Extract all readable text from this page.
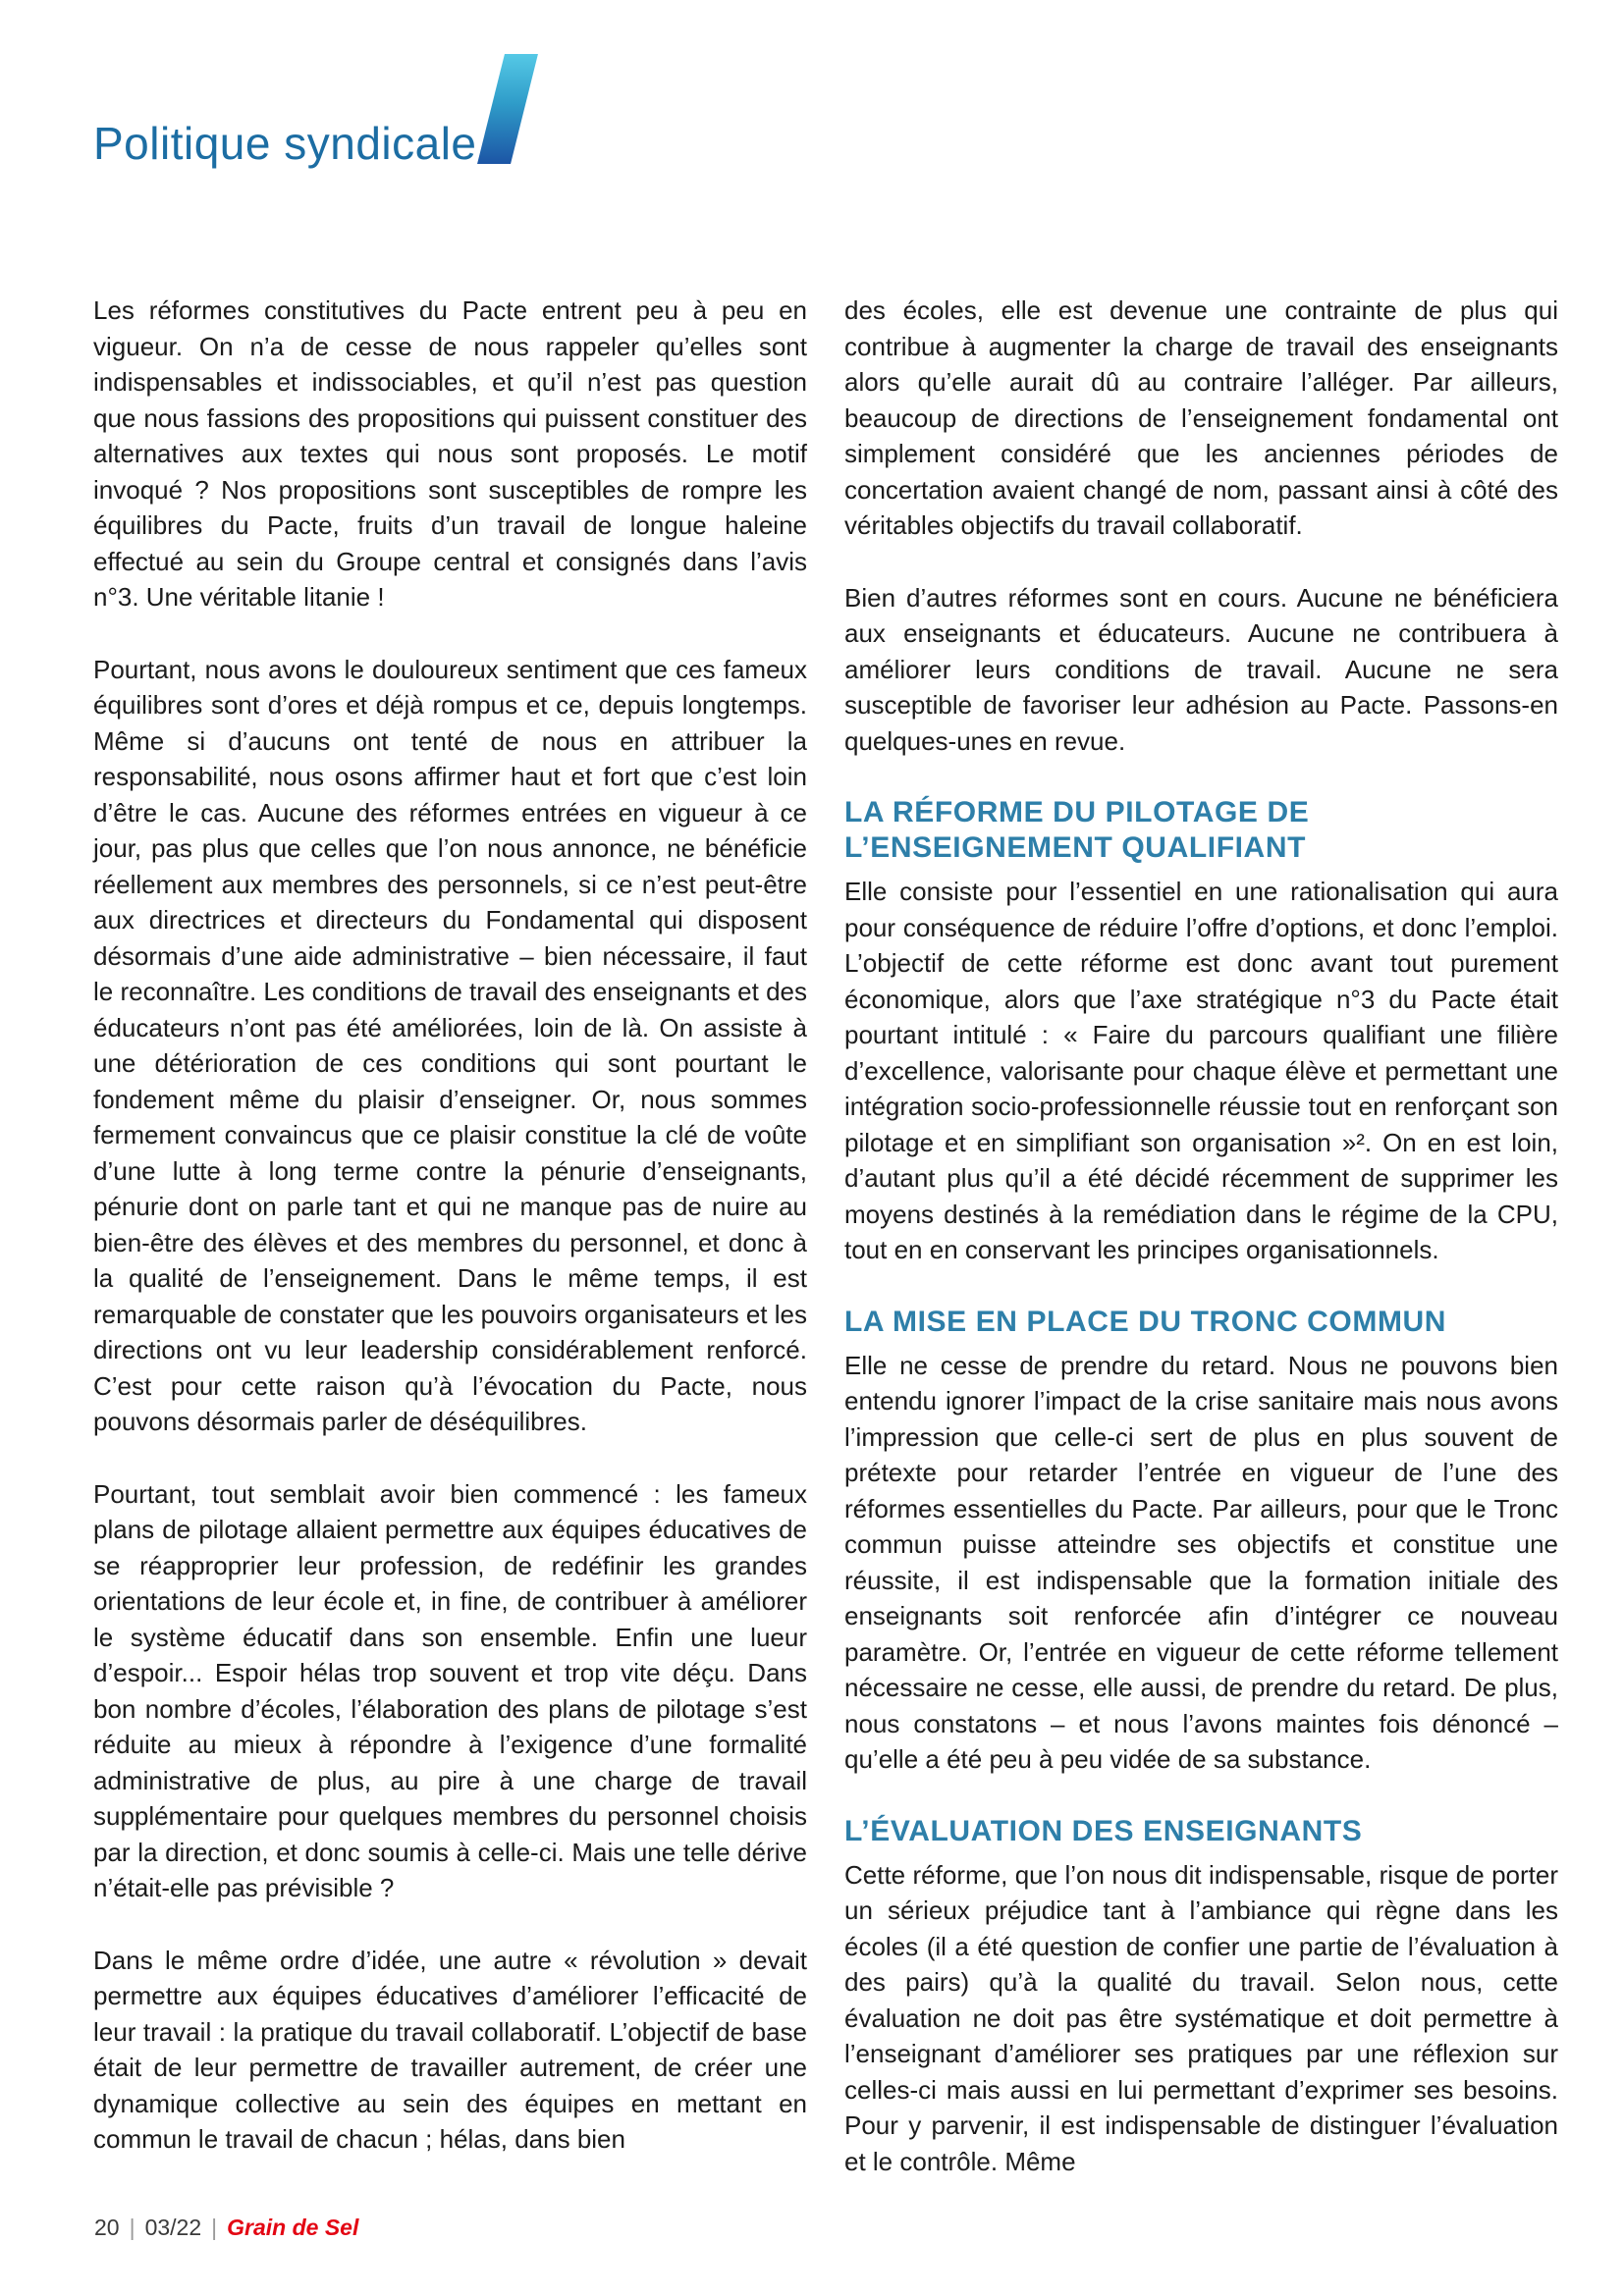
Politique syndicale

Les réformes constitutives du Pacte entrent peu à peu en vigueur. On n’a de cesse de nous rappeler qu’elles sont indispensables et indissociables, et qu’il n’est pas question que nous fassions des propositions qui puissent constituer des alternatives aux textes qui nous sont proposés. Le motif invoqué ? Nos propositions sont susceptibles de rompre les équilibres du Pacte, fruits d’un travail de longue haleine effectué au sein du Groupe central et consignés dans l’avis n°3. Une véritable litanie !

Pourtant, nous avons le douloureux sentiment que ces fameux équilibres sont d’ores et déjà rompus et ce, depuis longtemps. Même si d’aucuns ont tenté de nous en attribuer la responsabilité, nous osons affirmer haut et fort que c’est loin d’être le cas. Aucune des réformes entrées en vigueur à ce jour, pas plus que celles que l’on nous annonce, ne bénéficie réellement aux membres des personnels, si ce n’est peut-être aux directrices et directeurs du Fondamental qui disposent désormais d’une aide administrative – bien nécessaire, il faut le reconnaître. Les conditions de travail des enseignants et des éducateurs n’ont pas été améliorées, loin de là. On assiste à une détérioration de ces conditions qui sont pourtant le fondement même du plaisir d’enseigner. Or, nous sommes fermement convaincus que ce plaisir constitue la clé de voûte d’une lutte à long terme contre la pénurie d’enseignants, pénurie dont on parle tant et qui ne manque pas de nuire au bien-être des élèves et des membres du personnel, et donc à la qualité de l’enseignement. Dans le même temps, il est remarquable de constater que les pouvoirs organisateurs et les directions ont vu leur leadership considérablement renforcé. C’est pour cette raison qu’à l’évocation du Pacte, nous pouvons désormais parler de déséquilibres.

Pourtant, tout semblait avoir bien commencé : les fameux plans de pilotage allaient permettre aux équipes éducatives de se réapproprier leur profession, de redéfinir les grandes orientations de leur école et, in fine, de contribuer à améliorer le système éducatif dans son ensemble. Enfin une lueur d’espoir... Espoir hélas trop souvent et trop vite déçu. Dans bon nombre d’écoles, l’élaboration des plans de pilotage s’est réduite au mieux à répondre à l’exigence d’une formalité administrative de plus, au pire à une charge de travail supplémentaire pour quelques membres du personnel choisis par la direction, et donc soumis à celle-ci. Mais une telle dérive n’était-elle pas prévisible ?

Dans le même ordre d’idée, une autre « révolution » devait permettre aux équipes éducatives d’améliorer l’efficacité de leur travail : la pratique du travail collaboratif. L’objectif de base était de leur permettre de travailler autrement, de créer une dynamique collective au sein des équipes en mettant en commun le travail de chacun ; hélas, dans bien

des écoles, elle est devenue une contrainte de plus qui contribue à augmenter la charge de travail des enseignants alors qu’elle aurait dû au contraire l’alléger. Par ailleurs, beaucoup de directions de l’enseignement fondamental ont simplement considéré que les anciennes périodes de concertation avaient changé de nom, passant ainsi à côté des véritables objectifs du travail collaboratif.

Bien d’autres réformes sont en cours. Aucune ne bénéficiera aux enseignants et éducateurs. Aucune ne contribuera à améliorer leurs conditions de travail. Aucune ne sera susceptible de favoriser leur adhésion au Pacte. Passons-en quelques-unes en revue.

LA RÉFORME DU PILOTAGE DE L’ENSEIGNEMENT QUALIFIANT

Elle consiste pour l’essentiel en une rationalisation qui aura pour conséquence de réduire l’offre d’options, et donc l’emploi. L’objectif de cette réforme est donc avant tout purement économique, alors que l’axe stratégique n°3 du Pacte était pourtant intitulé : « Faire du parcours qualifiant une filière d’excellence, valorisante pour chaque élève et permettant une intégration socio-professionnelle réussie tout en renforçant son pilotage et en simplifiant son organisation »². On en est loin, d’autant plus qu’il a été décidé récemment de supprimer les moyens destinés à la remédiation dans le régime de la CPU, tout en en conservant les principes organisationnels.

LA MISE EN PLACE DU TRONC COMMUN

Elle ne cesse de prendre du retard. Nous ne pouvons bien entendu ignorer l’impact de la crise sanitaire mais nous avons l’impression que celle-ci sert de plus en plus souvent de prétexte pour retarder l’entrée en vigueur de l’une des réformes essentielles du Pacte. Par ailleurs, pour que le Tronc commun puisse atteindre ses objectifs et constitue une réussite, il est indispensable que la formation initiale des enseignants soit renforcée afin d’intégrer ce nouveau paramètre. Or, l’entrée en vigueur de cette réforme tellement nécessaire ne cesse, elle aussi, de prendre du retard. De plus, nous constatons – et nous l’avons maintes fois dénoncé – qu’elle a été peu à peu vidée de sa substance.

L’ÉVALUATION DES ENSEIGNANTS

Cette réforme, que l’on nous dit indispensable, risque de porter un sérieux préjudice tant à l’ambiance qui règne dans les écoles (il a été question de confier une partie de l’évaluation à des pairs) qu’à la qualité du travail. Selon nous, cette évaluation ne doit pas être systématique et doit permettre à l’enseignant d’améliorer ses pratiques par une réflexion sur celles-ci mais aussi en lui permettant d’exprimer ses besoins. Pour y parvenir, il est indispensable de distinguer l’évaluation et le contrôle. Même

20 | 03/22 | Grain de Sel
